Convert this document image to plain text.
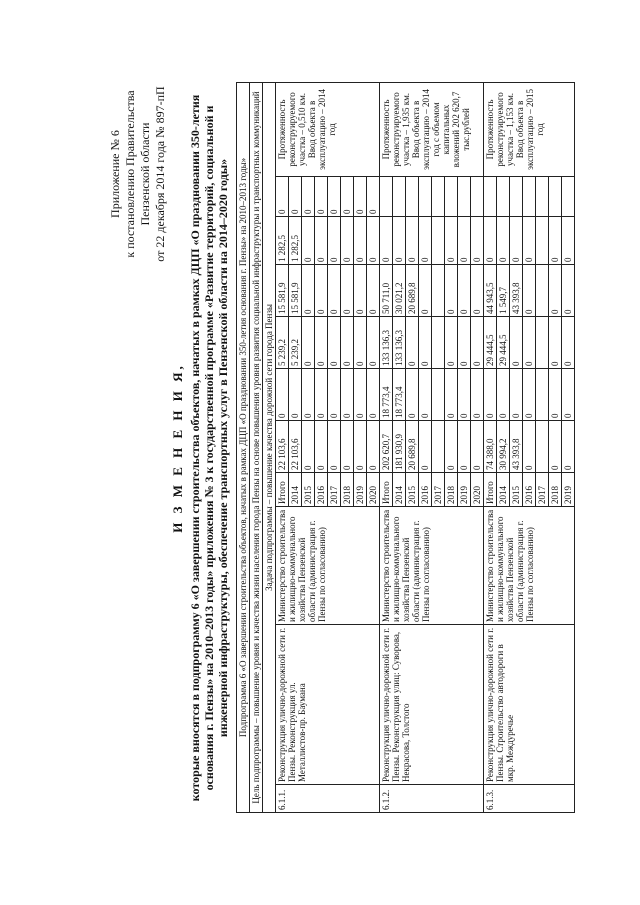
Приложение № 6 к постановлению Правительства Пензенской области от 22 декабря 2014 года № 897-пП
И З М Е Н Е Н И Я, которые вносятся в подпрограмму 6 «О завершении строительства объектов, начатых в рамках ДЦП «О праздновании 350-летия основания г. Пензы» на 2010–2013 годы» приложения № 3 к государственной программе «Развитие территорий, социальной и инженерной инфраструктуры, обеспечение транспортных услуг в Пензенской области на 2014–2020 годы» Подпрограмма 6 «О завершении строительства объектов, начатых в рамках ДЦП «О праздновании 350-летия основания г. Пензы» на 2010–2013 годы»										
Цель подпрограммы – повышение уровня и качества жизни населения города Пензы на основе повышения уровня развития социальной инфраструктуры и транспортных коммуникаций										
Задача подпрограммы – повышение качества дорожной сети города Пензы										
6.1.1.	Реконструкция улично-дорожной сети г. Пензы. Реконструкция ул. Металлистов-пр. Баумана	Министерство строительства и жилищно-коммунального хозяйства Пензенской области (администрация г. Пензы по согласованию)	Итого	22 103,6	0	5 239,2	15 581,9	1 282,5	0	Протяженность реконструируемого участка – 0,510 км. Ввод объекта в эксплуатацию – 2014 год
			2014	22 103,6	0	5 239,2	15 581,9	1 282,5	0	
			2015	0	0	0	0	0	0	
			2016	0	0	0	0	0	0	
			2017	0	0	0	0	0	0	
			2018	0	0	0	0	0	0	
			2019	0	0	0	0	0	0	
			2020	0	0	0	0	0	0	
6.1.2.	Реконструкция улично-дорожной сети г. Пензы. Реконструкция улиц: Суворова, Некрасова, Толстого	Министерство строительства и жилищно-коммунального хозяйства Пензенской области (администрация г. Пензы по согласованию)	Итого	202 620,7	18 773,4	133 136,3	50 711,0	0		Протяженность реконструируемого участка – 1,935 км. Ввод объекта в эксплуатацию – 2014 год с объемом капитальных вложений 202 620,7 тыс.рублей
			2014	181 930,9	18 773,4	133 136,3	30 021,2	0		
			2015	20 689,8	0	0	20 689,8	0		
			2016	0	0	0	0	0		
			2017							
			2018	0	0	0	0	0		
			2019	0	0	0	0	0		
			2020	0	0	0	0	0		
6.1.3.	Реконструкция улично-дорожной сети г. Пензы. Строительство автодороги в мкр. Междуречье	Министерство строительства и жилищно-коммунального хозяйства Пензенской области (администрация г. Пензы по согласованию)	Итого	74 388,0	0	29 444,5	44 943,5	0		Протяженность реконструируемого участка – 1,153 км. Ввод объекта в эксплуатацию – 2015 год
			2014	30 994,2	0	29 444,5	1 549,7	0		
			2015	43 393,8	0	0	43 393,8	0		
			2016	0	0	0	0	0		
			2017							
			2018	0	0	0	0	0		
			2019	0	0	0	0	0		
